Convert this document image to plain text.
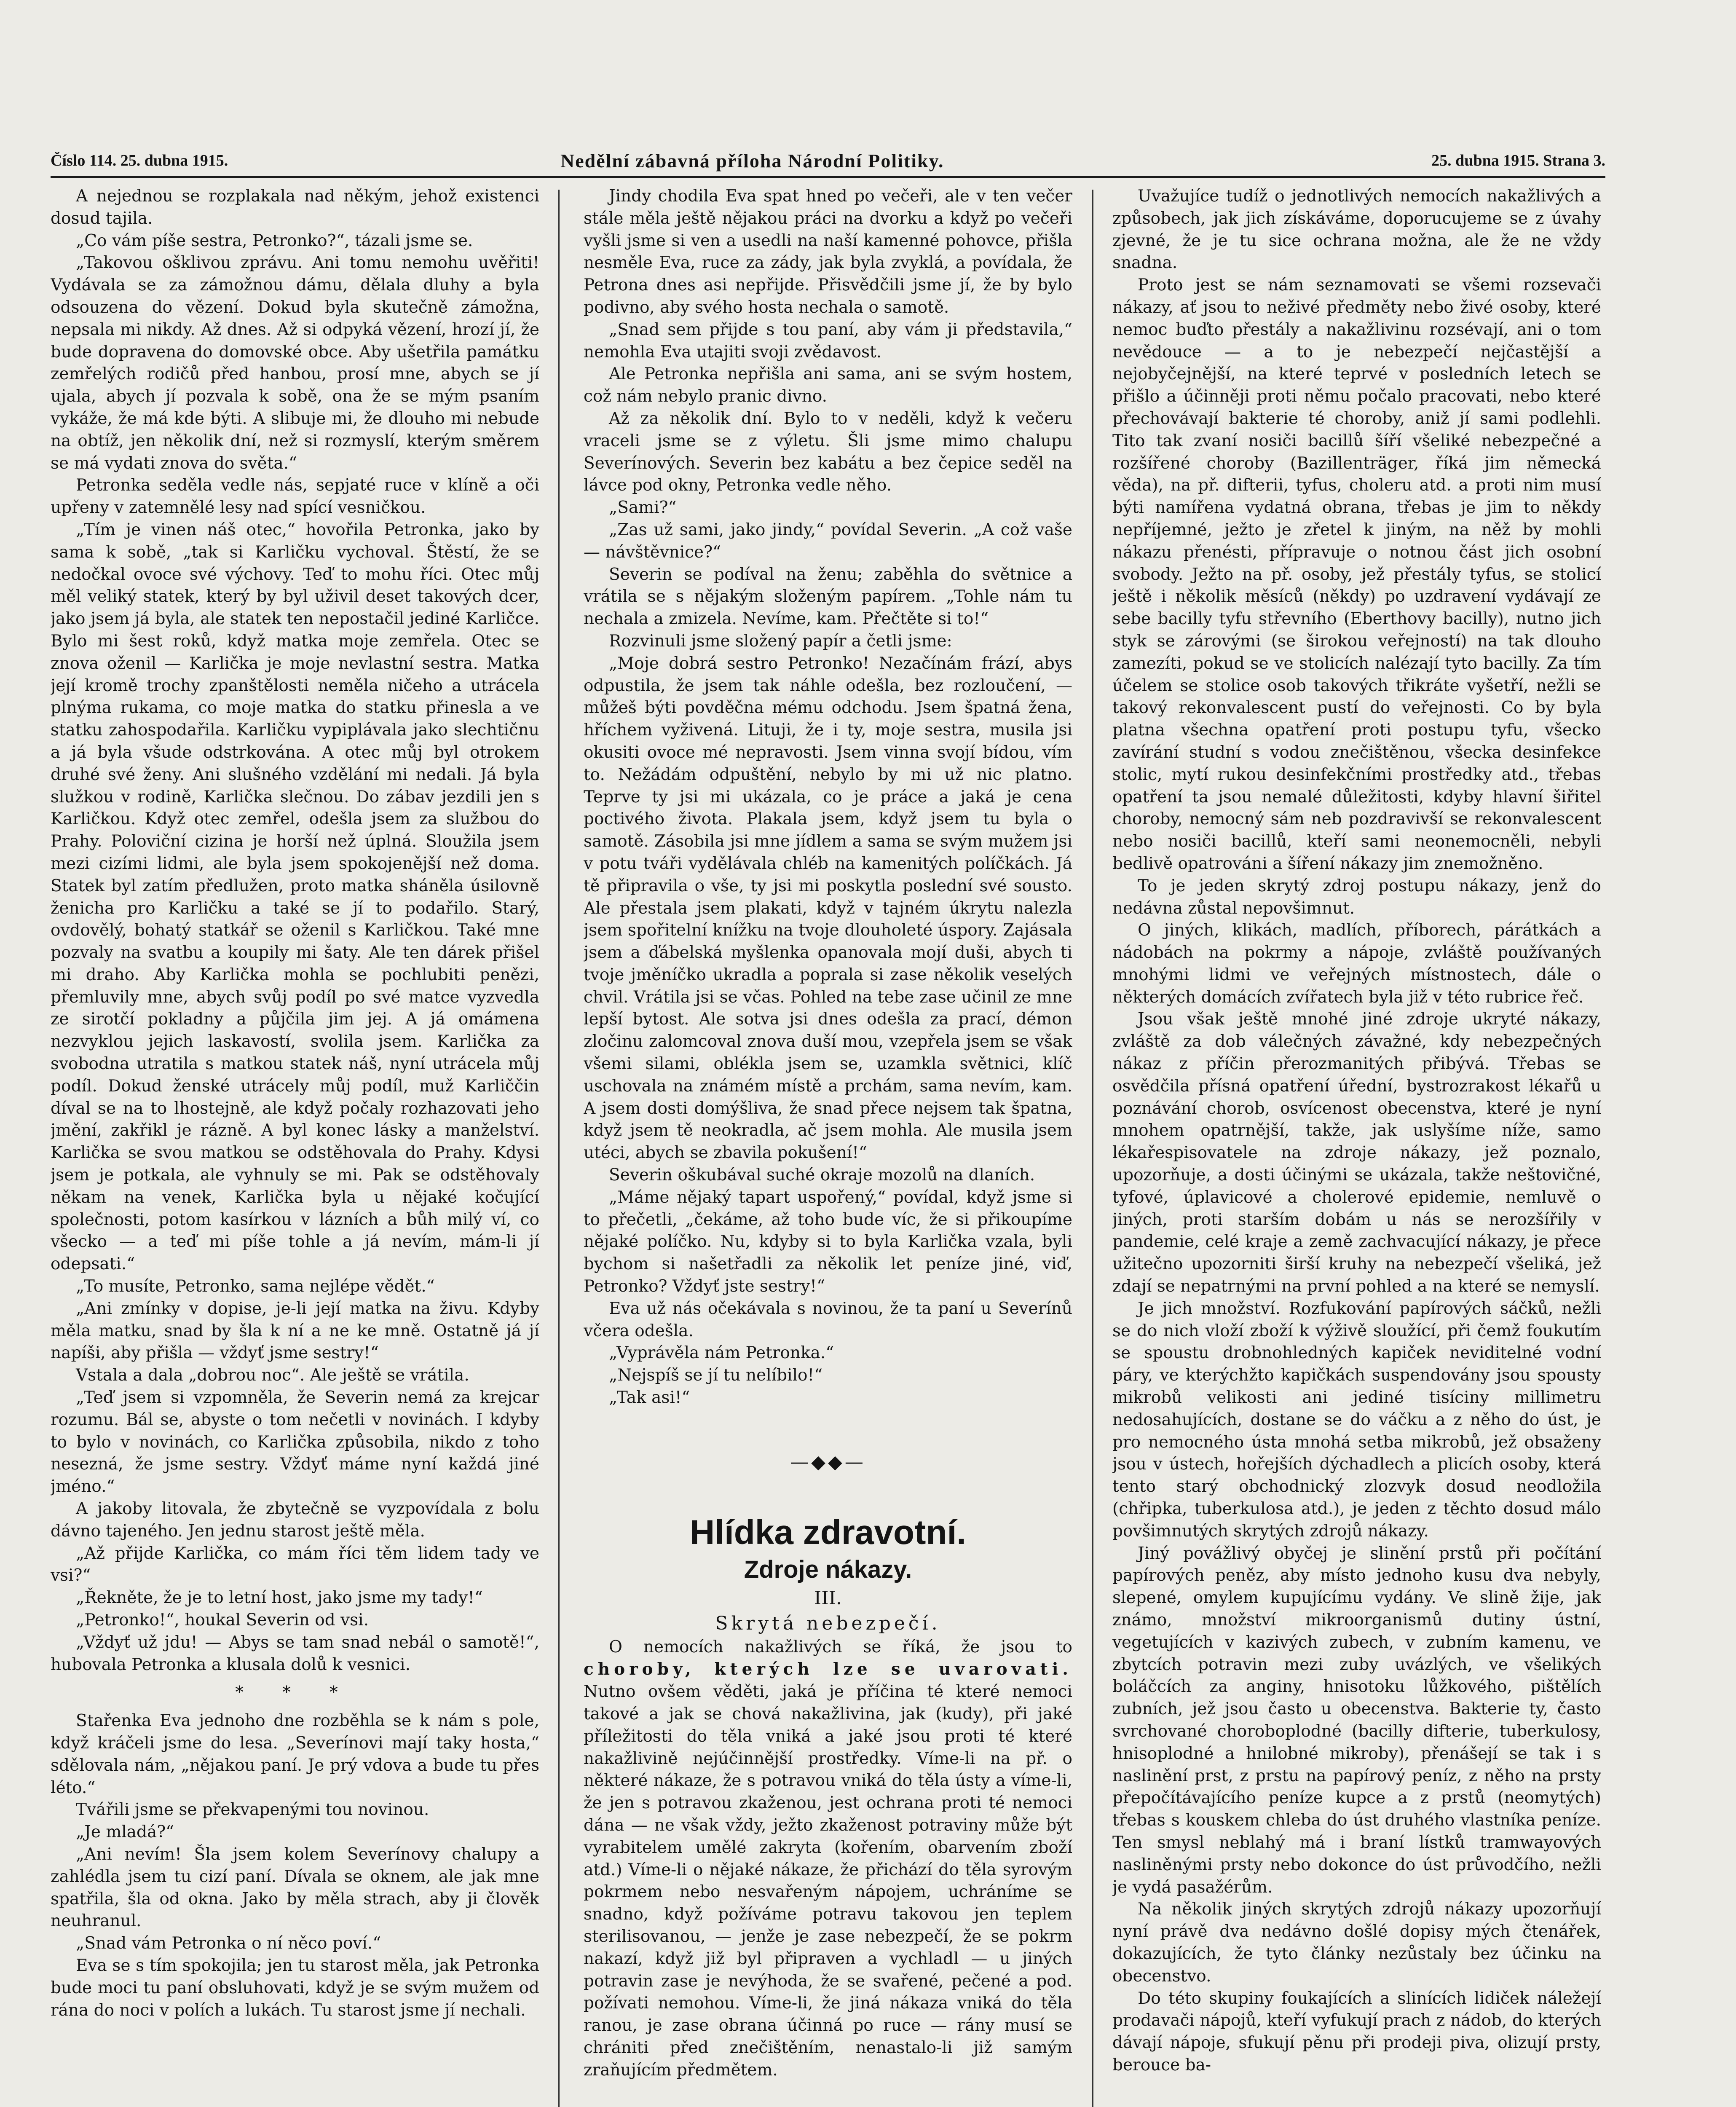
Číslo 114. 25. dubna 1915.	Nedělní zábavná příloha Národní Politiky.	25. dubna 1915. Strana 3.

A nejednou se rozplakala nad někým, jehož existenci dosud tajila.

„Co vám píše sestra, Petronko?“, tázali jsme se.

„Takovou ošklivou zprávu. Ani tomu nemohu uvěřiti! Vydávala se za zámožnou dámu, dělala dluhy a byla odsouzena do vězení. Dokud byla skutečně zámožna, nepsala mi nikdy. Až dnes. Až si odpyká vězení, hrozí jí, že bude dopravena do domovské obce. Aby ušetřila památku zemřelých rodičů před hanbou, prosí mne, abych se jí ujala, abych jí pozvala k sobě, ona že se mým psaním vykáže, že má kde býti. A slibuje mi, že dlouho mi nebude na obtíž, jen několik dní, než si rozmyslí, kterým směrem se má vydati znova do světa.“

Petronka seděla vedle nás, sepjaté ruce v klíně a oči upřeny v zatemnělé lesy nad spící vesničkou.

„Tím je vinen náš otec,“ hovořila Petronka, jako by sama k sobě, „tak si Karličku vychoval. Štěstí, že se nedočkal ovoce své výchovy. Teď to mohu říci. Otec můj měl veliký statek, který by byl uživil deset takových dcer, jako jsem já byla, ale statek ten nepostačil jediné Karličce. Bylo mi šest roků, když matka moje zemřela. Otec se znova oženil — Karlička je moje nevlastní sestra. Matka její kromě trochy zpanštělosti neměla ničeho a utrácela plnýma rukama, co moje matka do statku přinesla a ve statku zahospodařila. Karličku vypiplávala jako slechtičnu a já byla všude odstrkována. A otec můj byl otrokem druhé své ženy. Ani slušného vzdělání mi nedali. Já byla služkou v rodině, Karlička slečnou. Do zábav jezdili jen s Karličkou. Když otec zemřel, odešla jsem za službou do Prahy. Poloviční cizina je horší než úplná. Sloužila jsem mezi cizími lidmi, ale byla jsem spokojenější než doma. Statek byl zatím předlužen, proto matka sháněla úsilovně ženicha pro Karličku a také se jí to podařilo. Starý, ovdovělý, bohatý statkář se oženil s Karličkou. Také mne pozvaly na svatbu a koupily mi šaty. Ale ten dárek přišel mi draho. Aby Karlička mohla se pochlubiti penězi, přemluvily mne, abych svůj podíl po své matce vyzvedla ze sirotčí pokladny a půjčila jim jej. A já omámena nezvyklou jejich laskavostí, svolila jsem. Karlička za svobodna utratila s matkou statek náš, nyní utrácela můj podíl. Dokud ženské utrácely můj podíl, muž Karliččin díval se na to lhostejně, ale když počaly rozhazovati jeho jmění, zakřikl je rázně. A byl konec lásky a manželství. Karlička se svou matkou se odstěhovala do Prahy. Kdysi jsem je potkala, ale vyhnuly se mi. Pak se odstěhovaly někam na venek, Karlička byla u nějaké kočující společnosti, potom kasírkou v lázních a bůh milý ví, co všecko — a teď mi píše tohle a já nevím, mám-li jí odepsati.“

„To musíte, Petronko, sama nejlépe vědět.“

„Ani zmínky v dopise, je-li její matka na živu. Kdyby měla matku, snad by šla k ní a ne ke mně. Ostatně já jí napíši, aby přišla — vždyť jsme sestry!“

Vstala a dala „dobrou noc“. Ale ještě se vrátila.

„Teď jsem si vzpomněla, že Severin nemá za krejcar rozumu. Bál se, abyste o tom nečetli v novinách. I kdyby to bylo v novinách, co Karlička způsobila, nikdo z toho nesezná, že jsme sestry. Vždyť máme nyní každá jiné jméno.“

A jakoby litovala, že zbytečně se vyzpovídala z bolu dávno tajeného. Jen jednu starost ještě měla.

„Až přijde Karlička, co mám říci těm lidem tady ve vsi?“

„Řekněte, že je to letní host, jako jsme my tady!“

„Petronko!“, houkal Severin od vsi.

„Vždyť už jdu! — Abys se tam snad nebál o samotě!“, hubovala Petronka a klusala dolů k vesnici.

* * *

Stařenka Eva jednoho dne rozběhla se k nám s pole, když kráčeli jsme do lesa. „Severínovi mají taky hosta,“ sdělovala nám, „nějakou paní. Je prý vdova a bude tu přes léto.“

Tvářili jsme se překvapenými tou novinou.

„Je mladá?“

„Ani nevím! Šla jsem kolem Severínovy chalupy a zahlédla jsem tu cizí paní. Dívala se oknem, ale jak mne spatřila, šla od okna. Jako by měla strach, aby ji člověk neuhranul.

„Snad vám Petronka o ní něco poví.“

Eva se s tím spokojila; jen tu starost měla, jak Petronka bude moci tu paní obsluhovati, když je se svým mužem od rána do noci v polích a lukách. Tu starost jsme jí nechali.

Jindy chodila Eva spat hned po večeři, ale v ten večer stále měla ještě nějakou práci na dvorku a když po večeři vyšli jsme si ven a usedli na naší kamenné pohovce, přišla nesměle Eva, ruce za zády, jak byla zvyklá, a povídala, že Petrona dnes asi nepřijde. Přisvědčili jsme jí, že by bylo podivno, aby svého hosta nechala o samotě.

„Snad sem přijde s tou paní, aby vám ji představila,“ nemohla Eva utajiti svoji zvědavost.

Ale Petronka nepřišla ani sama, ani se svým hostem, což nám nebylo pranic divno.

Až za několik dní. Bylo to v neděli, když k večeru vraceli jsme se z výletu. Šli jsme mimo chalupu Severínových. Severin bez kabátu a bez čepice seděl na lávce pod okny, Petronka vedle něho.

„Sami?“

„Zas už sami, jako jindy,“ povídal Severin. „A což vaše — návštěvnice?“

Severin se podíval na ženu; zaběhla do světnice a vrátila se s nějakým složeným papírem. „Tohle nám tu nechala a zmizela. Nevíme, kam. Přečtěte si to!“

Rozvinuli jsme složený papír a četli jsme:

„Moje dobrá sestro Petronko! Nezačínám frází, abys odpustila, že jsem tak náhle odešla, bez rozloučení, — můžeš býti povděčna mému odchodu. Jsem špatná žena, hříchem vyživená. Lituji, že i ty, moje sestra, musila jsi okusiti ovoce mé nepravosti. Jsem vinna svojí bídou, vím to. Nežádám odpuštění, nebylo by mi už nic platno. Teprve ty jsi mi ukázala, co je práce a jaká je cena poctivého života. Plakala jsem, když jsem tu byla o samotě. Zásobila jsi mne jídlem a sama se svým mužem jsi v potu tváři vydělávala chléb na kamenitých políčkách. Já tě připravila o vše, ty jsi mi poskytla poslední své sousto. Ale přestala jsem plakati, když v tajném úkrytu nalezla jsem spořitelní knížku na tvoje dlouholeté úspory. Zajásala jsem a ďábelská myšlenka opanovala mojí duši, abych ti tvoje jměníčko ukradla a poprala si zase několik veselých chvil. Vrátila jsi se včas. Pohled na tebe zase učinil ze mne lepší bytost. Ale sotva jsi dnes odešla za prací, démon zločinu zalomcoval znova duší mou, vzepřela jsem se však všemi silami, oblékla jsem se, uzamkla světnici, klíč uschovala na známém místě a prchám, sama nevím, kam. A jsem dosti domýšliva, že snad přece nejsem tak špatna, když jsem tě neokradla, ač jsem mohla. Ale musila jsem utéci, abych se zbavila pokušení!“

Severin oškubával suché okraje mozolů na dlaních.

„Máme nějaký tapart uspořený,“ povídal, když jsme si to přečetli, „čekáme, až toho bude víc, že si přikoupíme nějaké políčko. Nu, kdyby si to byla Karlička vzala, byli bychom si našetřadli za několik let peníze jiné, viď, Petronko? Vždyť jste sestry!“

Eva už nás očekávala s novinou, že ta paní u Severínů včera odešla.

„Vyprávěla nám Petronka.“

„Nejspíš se jí tu nelíbilo!“

„Tak asi!“

—◆◆—
Hlídka zdravotní.
Zdroje nákazy.
III.
Skrytá nebezpečí.

O nemocích nakažlivých se říká, že jsou to choroby, kterých lze se uvarovati. Nutno ovšem věděti, jaká je příčina té které nemoci takové a jak se chová nakažlivina, jak (kudy), při jaké příležitosti do těla vniká a jaké jsou proti té které nakažlivině nejúčinnější prostředky. Víme-li na př. o některé nákaze, že s potravou vniká do těla ústy a víme-li, že jen s potravou zkaženou, jest ochrana proti té nemoci dána — ne však vždy, ježto zkaženost potraviny může být vyrabitelem umělé zakryta (kořením, obarvením zboží atd.) Víme-li o nějaké nákaze, že přichází do těla syrovým pokrmem nebo nesvařeným nápojem, uchráníme se snadno, když požíváme potravu takovou jen teplem sterilisovanou, — jenže je zase nebezpečí, že se pokrm nakazí, když již byl připraven a vychladl — u jiných potravin zase je nevýhoda, že se svařené, pečené a pod. požívati nemohou. Víme-li, že jiná nákaza vniká do těla ranou, je zase obrana účinná po ruce — rány musí se chrániti před znečištěním, nenastalo-li již samým zraňujícím předmětem.

Uvažujíce tudíž o jednotlivých nemocích nakažlivých a způsobech, jak jich získáváme, doporucujeme se z úvahy zjevné, že je tu sice ochrana možna, ale že ne vždy snadna.

Proto jest se nám seznamovati se všemi rozsevači nákazy, ať jsou to neživé předměty nebo živé osoby, které nemoc buďto přestály a nakažlivinu rozsévají, ani o tom nevědouce — a to je nebezpečí nejčastější a nejobyčejnější, na které teprvé v posledních letech se přišlo a účinněji proti němu počalo pracovati, nebo které přechovávají bakterie té choroby, aniž jí sami podlehli. Tito tak zvaní nosiči bacillů šíří všeliké nebezpečné a rozšířené choroby (Bazillenträger, říká jim německá věda), na př. difterii, tyfus, choleru atd. a proti nim musí býti namířena vydatná obrana, třebas je jim to někdy nepříjemné, ježto je zřetel k jiným, na něž by mohli nákazu přenésti, přípravuje o notnou část jich osobní svobody. Ježto na př. osoby, jež přestály tyfus, se stolicí ještě i několik měsíců (někdy) po uzdravení vydávají ze sebe bacilly tyfu střevního (Eberthovy bacilly), nutno jich styk se zárovými (se širokou veřejností) na tak dlouho zamezíti, pokud se ve stolicích nalézají tyto bacilly. Za tím účelem se stolice osob takových třikráte vyšetří, nežli se takový rekonvalescent pustí do veřejnosti. Co by byla platna všechna opatření proti postupu tyfu, všecko zavírání studní s vodou znečištěnou, všecka desinfekce stolic, mytí rukou desinfekčními prostředky atd., třebas opatření ta jsou nemalé důležitosti, kdyby hlavní šiřitel choroby, nemocný sám neb pozdravivší se rekonvalescent nebo nosiči bacillů, kteří sami neonemocněli, nebyli bedlivě opatrováni a šíření nákazy jim znemožněno.

To je jeden skrytý zdroj postupu nákazy, jenž do nedávna zůstal nepovšimnut.

O jiných, klikách, madlích, příborech, párátkách a nádobách na pokrmy a nápoje, zvláště používaných mnohými lidmi ve veřejných místnostech, dále o některých domácích zvířatech byla již v této rubrice řeč.

Jsou však ještě mnohé jiné zdroje ukryté nákazy, zvláště za dob válečných závažné, kdy nebezpečných nákaz z příčin přerozmanitých přibývá. Třebas se osvědčila přísná opatření úřední, bystrozrakost lékařů u poznávání chorob, osvícenost obecenstva, které je nyní mnohem opatrnější, takže, jak uslyšíme níže, samo lékařespisovatele na zdroje nákazy, jež poznalo, upozorňuje, a dosti účinými se ukázala, takže neštovičné, tyfové, úplavicové a cholerové epidemie, nemluvě o jiných, proti starším dobám u nás se nerozšířily v pandemie, celé kraje a země zachvacující nákazy, je přece užitečno upozorniti širší kruhy na nebezpečí všeliká, jež zdají se nepatrnými na první pohled a na které se nemyslí.

Je jich množství. Rozfukování papírových sáčků, nežli se do nich vloží zboží k výživě sloužící, při čemž foukutím se spoustu drobnohledných kapiček neviditelné vodní páry, ve kterýchžto kapičkách suspendovány jsou spousty mikrobů velikosti ani jediné tisíciny millimetru nedosahujících, dostane se do váčku a z něho do úst, je pro nemocného ústa mnohá setba mikrobů, jež obsaženy jsou v ústech, hořejších dýchadlech a plicích osoby, která tento starý obchodnický zlozvyk dosud neodložila (chřipka, tuberkulosa atd.), je jeden z těchto dosud málo povšimnutých skrytých zdrojů nákazy.

Jiný povážlivý obyčej je slinění prstů při počítání papírových peněz, aby místo jednoho kusu dva nebyly, slepené, omylem kupujícímu vydány. Ve slině žije, jak známo, množství mikroorganismů dutiny ústní, vegetujících v kazivých zubech, v zubním kamenu, ve zbytcích potravin mezi zuby uvázlých, ve všelikých boláčcích za anginy, hnisotoku lůžkového, pištělích zubních, jež jsou často u obecenstva. Bakterie ty, často svrchované choroboplodné (bacilly difterie, tuberkulosy, hnisoplodné a hnilobné mikroby), přenášejí se tak i s naslinění prst, z prstu na papírový peníz, z něho na prsty přepočítávajícího peníze kupce a z prstů (neomytých) třebas s kouskem chleba do úst druhého vlastníka peníze. Ten smysl neblahý má i braní lístků tramwayových nasliněnými prsty nebo dokonce do úst průvodčího, nežli je vydá pasažérům.

Na několik jiných skrytých zdrojů nákazy upozorňují nyní právě dva nedávno došlé dopisy mých čtenářek, dokazujících, že tyto články nezůstaly bez účinku na obecenstvo.

Do této skupiny foukajících a slinících lidiček náležejí prodavači nápojů, kteří vyfukují prach z nádob, do kterých dávají nápoje, sfukují pěnu při prodeji piva, olizují prsty, berouce ba-
